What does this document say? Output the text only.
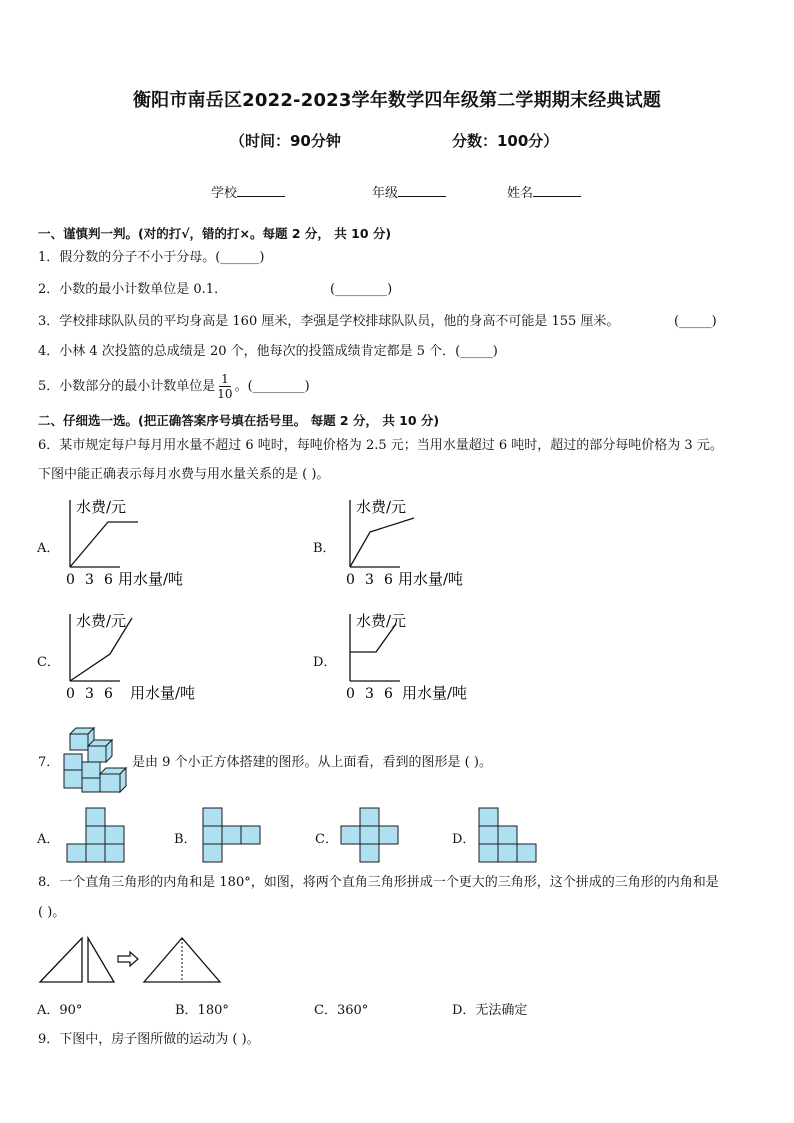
衡阳市南岳区2022-2023学年数学四年级第二学期期末经典试题
（时间：90分钟	分数：100分）
学校	年级	姓名
一、谨慎判一判。(对的打√，错的打×。每题 2 分， 共 10 分)
1．假分数的分子不小于分母。(______)
2．小数的最小计数单位是 0.1．	(________)
3．学校排球队队员的平均身高是 160 厘米，李强是学校排球队队员，他的身高不可能是 155 厘米。	(_____)
4．小林 4 次投篮的总成绩是 20 个，他每次的投篮成绩肯定都是 5 个．(_____)
5．小数部分的最小计数单位是 $\frac{1}{10}$ 。(________)
二、仔细选一选。(把正确答案序号填在括号里。 每题 2 分， 共 10 分)
6．某市规定每户每月用水量不超过 6 吨时，每吨价格为 2.5 元；当用水量超过 6 吨时，超过的部分每吨价格为 3 元。
下图中能正确表示每月水费与用水量关系的是 ( )。
A．	B．
C．	D．
水费/元
0 3 6 用水量/吨
水费/元
0 3 6 用水量/吨
水费/元
0 3 6 用水量/吨
水费/元
0 3 6 用水量/吨
7．	是由 9 个小正方体搭建的图形。从上面看，看到的图形是 ( )。
A．	B．	C．	D．
8．一个直角三角形的内角和是 180°，如图，将两个直角三角形拼成一个更大的三角形，这个拼成的三角形的内角和是
( )。
A．90°	B．180°	C．360°	D．无法确定
9．下图中，房子图所做的运动为 ( )。
